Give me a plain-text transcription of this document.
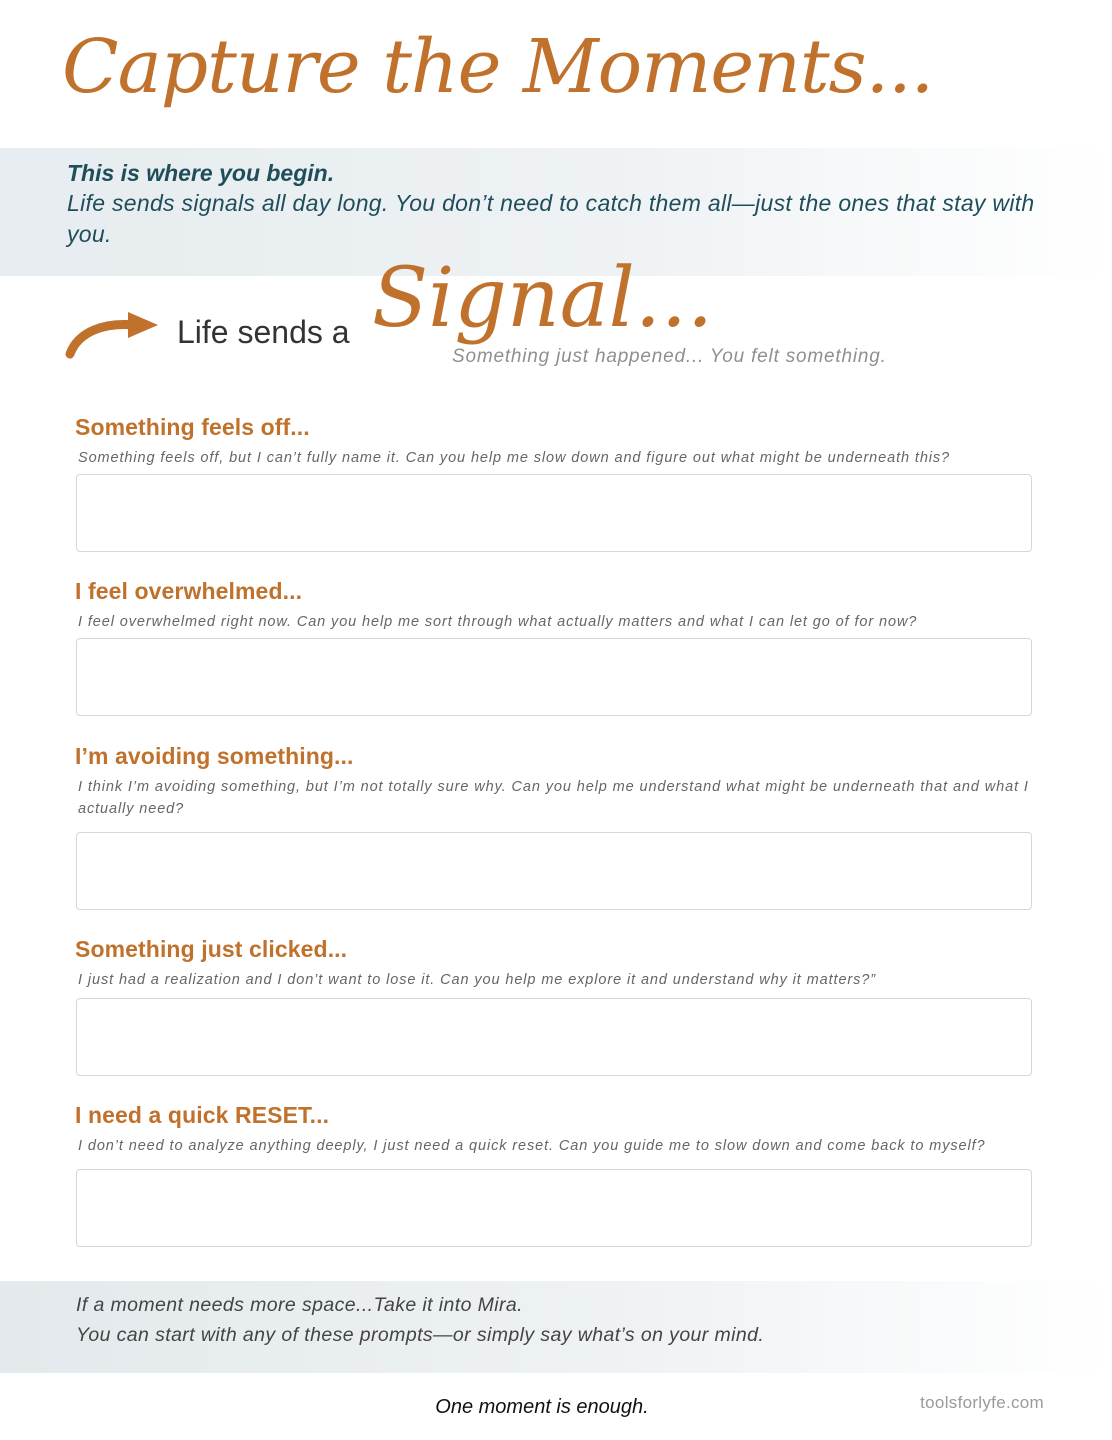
Capture the Moments...
This is where you begin.
Life sends signals all day long. You don’t need to catch them all—just the ones that stay with you.
Life sends a Signal...
Something just happened... You felt something.
Something feels off...
Something feels off, but I can’t fully name it. Can you help me slow down and figure out what might be underneath this?
I feel overwhelmed...
I feel overwhelmed right now. Can you help me sort through what actually matters and what I can let go of for now?
I’m avoiding something...
I think I’m avoiding something, but I’m not totally sure why. Can you help me understand what might be underneath that and what I actually need?
Something just clicked...
I just had a realization and I don’t want to lose it. Can you help me explore it and understand why it matters?”
I need a quick RESET...
I don’t need to analyze anything deeply, I just need a quick reset. Can you guide me to slow down and come back to myself?
If a moment needs more space...Take it into Mira.
You can start with any of these prompts—or simply say what’s on your mind.
One moment is enough.	toolsforlyfe.com
